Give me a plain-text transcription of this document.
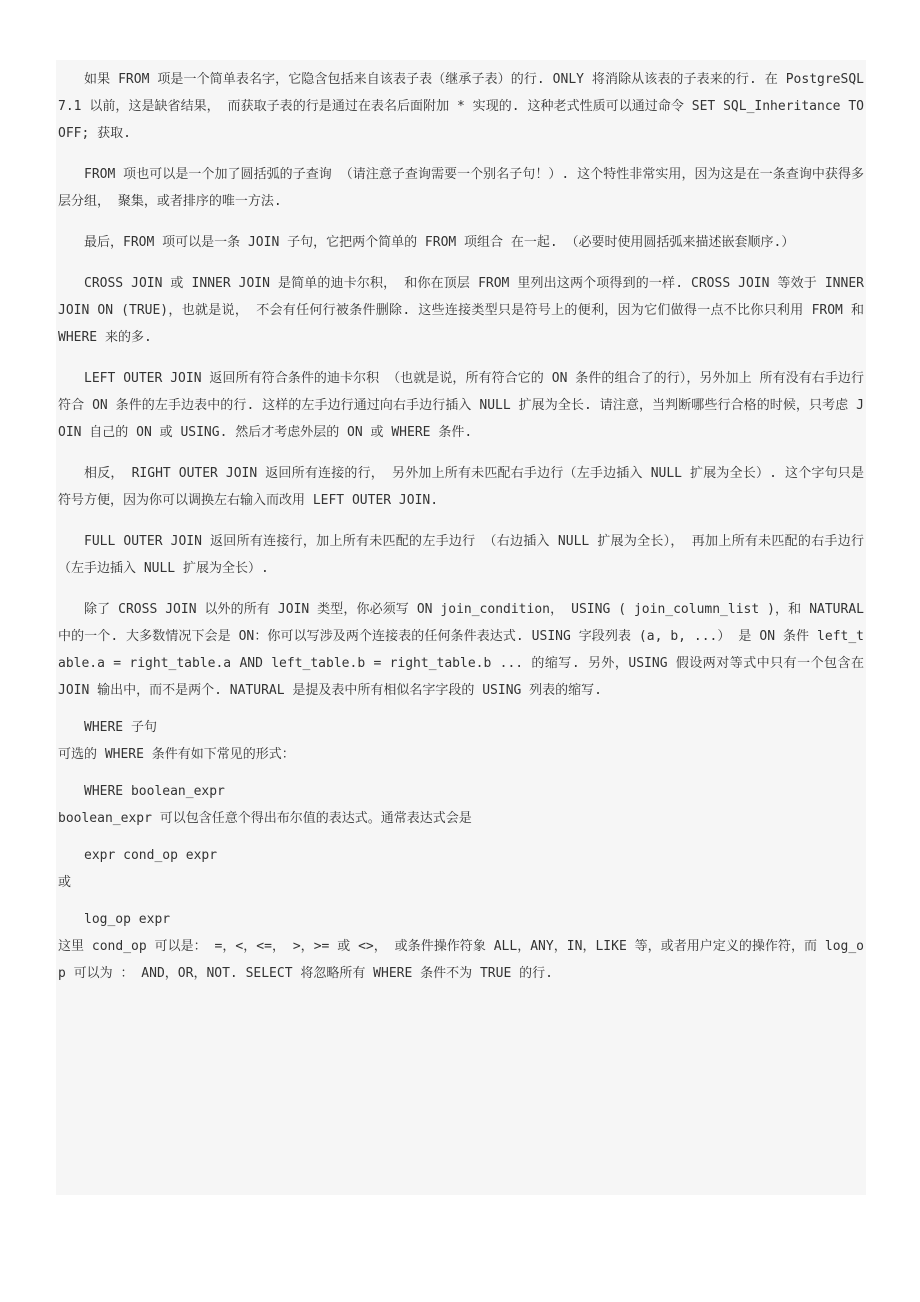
如果 FROM 项是一个简单表名字，它隐含包括来自该表子表（继承子表）的行. ONLY 将消除从该表的子表来的行. 在 PostgreSQL 7.1 以前，这是缺省结果， 而获取子表的行是通过在表名后面附加 * 实现的. 这种老式性质可以通过命令 SET SQL_Inheritance TO OFF; 获取.

FROM 项也可以是一个加了圆括弧的子查询 （请注意子查询需要一个别名子句！）. 这个特性非常实用，因为这是在一条查询中获得多层分组， 聚集，或者排序的唯一方法.

最后，FROM 项可以是一条 JOIN 子句，它把两个简单的 FROM 项组合 在一起. （必要时使用圆括弧来描述嵌套顺序.）

CROSS JOIN 或 INNER JOIN 是简单的迪卡尔积， 和你在顶层 FROM 里列出这两个项得到的一样. CROSS JOIN 等效于 INNER JOIN ON (TRUE)，也就是说， 不会有任何行被条件删除. 这些连接类型只是符号上的便利，因为它们做得一点不比你只利用 FROM 和 WHERE 来的多.

LEFT OUTER JOIN 返回所有符合条件的迪卡尔积 （也就是说，所有符合它的 ON 条件的组合了的行），另外加上 所有没有右手边行符合 ON 条件的左手边表中的行. 这样的左手边行通过向右手边行插入 NULL 扩展为全长. 请注意，当判断哪些行合格的时候，只考虑 JOIN 自己的 ON 或 USING. 然后才考虑外层的 ON 或 WHERE 条件.

相反， RIGHT OUTER JOIN 返回所有连接的行， 另外加上所有未匹配右手边行（左手边插入 NULL 扩展为全长）. 这个字句只是符号方便，因为你可以调换左右输入而改用 LEFT OUTER JOIN.

FULL OUTER JOIN 返回所有连接行，加上所有未匹配的左手边行 （右边插入 NULL 扩展为全长）， 再加上所有未匹配的右手边行（左手边插入 NULL 扩展为全长）.

除了 CROSS JOIN 以外的所有 JOIN 类型，你必须写 ON join_condition， USING ( join_column_list )，和 NATURAL 中的一个. 大多数情况下会是 ON：你可以写涉及两个连接表的任何条件表达式. USING 字段列表 (a, b, ...） 是 ON 条件 left_table.a = right_table.a AND left_table.b = right_table.b ... 的缩写. 另外，USING 假设两对等式中只有一个包含在 JOIN 输出中，而不是两个. NATURAL 是提及表中所有相似名字字段的 USING 列表的缩写.

WHERE 子句

可选的 WHERE 条件有如下常见的形式：

WHERE boolean_expr

boolean_expr 可以包含任意个得出布尔值的表达式。通常表达式会是

expr cond_op expr

或

log_op expr

这里 cond_op 可以是： =，<，<=， >，>= 或 <>， 或条件操作符象 ALL，ANY，IN，LIKE 等，或者用户定义的操作符，而 log_op 可以为 ： AND，OR，NOT. SELECT 将忽略所有 WHERE 条件不为 TRUE 的行.
